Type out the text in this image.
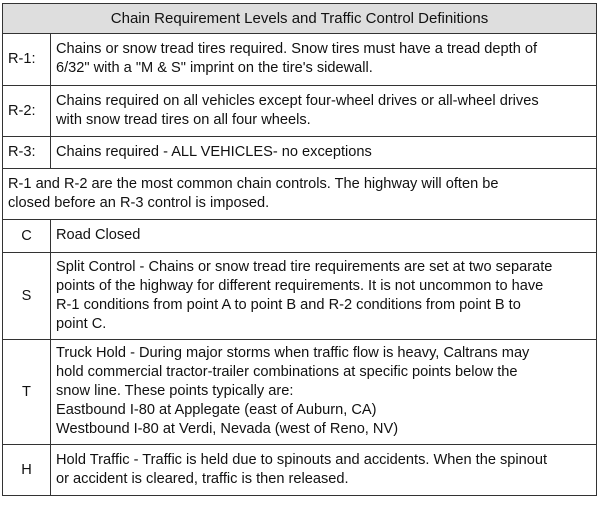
Chain Requirement Levels and Traffic Control Definitions	
R-1:	Chains or snow tread tires required. Snow tires must have a tread depth of
6/32" with a "M & S" imprint on the tire's sidewall.

R-2:	Chains required on all vehicles except four-wheel drives or all-wheel drives
with snow tread tires on all four wheels.

R-3:	Chains required - ALL VEHICLES- no exceptions

R-1 and R-2 are the most common chain controls. The highway will often be
closed before an R-3 control is imposed.	

C	Road Closed

S	Split Control - Chains or snow tread tire requirements are set at two separate
points of the highway for different requirements. It is not uncommon to have
R-1 conditions from point A to point B and R-2 conditions from point B to
point C.

T	Truck Hold - During major storms when traffic flow is heavy, Caltrans may
hold commercial tractor-trailer combinations at specific points below the
snow line. These points typically are:
Eastbound I-80 at Applegate (east of Auburn, CA)
Westbound I-80 at Verdi, Nevada (west of Reno, NV)

H	Hold Traffic - Traffic is held due to spinouts and accidents. When the spinout
or accident is cleared, traffic is then released.
